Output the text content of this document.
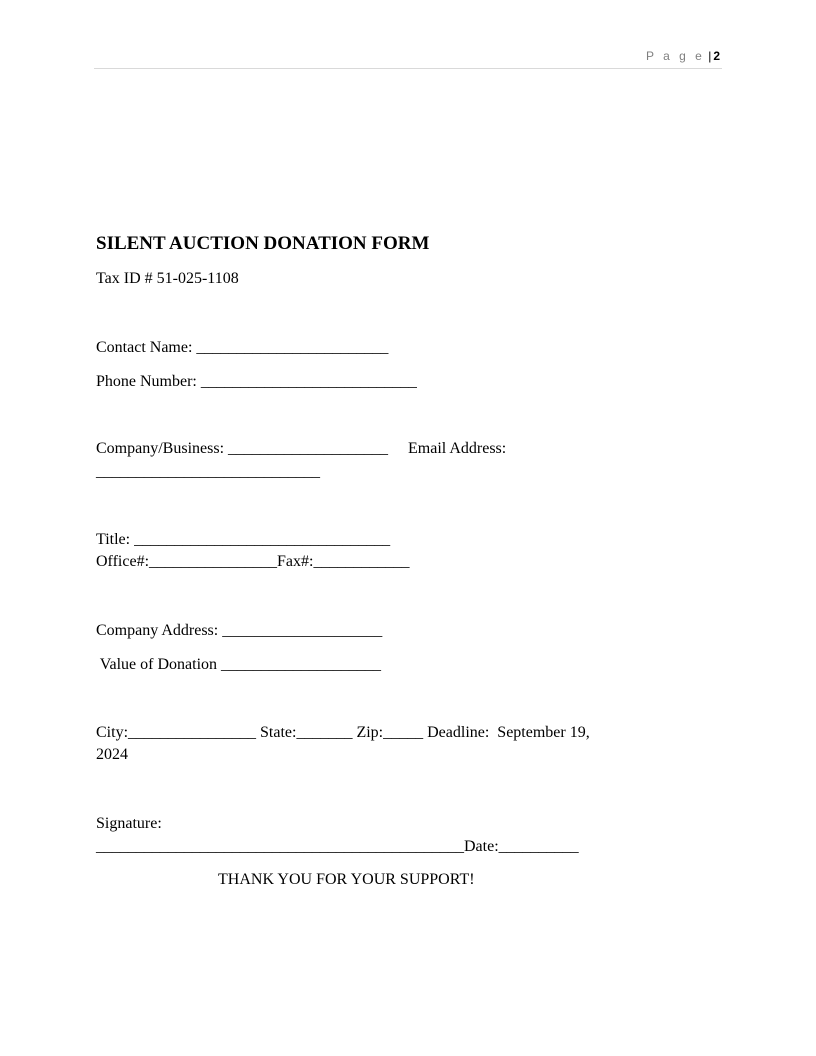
P a g e | 2
SILENT AUCTION DONATION FORM
Tax ID # 51-025-1108
Contact Name: ________________________
Phone Number: ___________________________
Company/Business: ____________________     Email Address:
____________________________
Title: ________________________________
Office#:________________Fax#:____________
Company Address: ____________________
Value of Donation ____________________
City:________________ State:_______ Zip:_____ Deadline:  September 19,
2024
Signature:
______________________________________________Date:__________
THANK YOU FOR YOUR SUPPORT!
